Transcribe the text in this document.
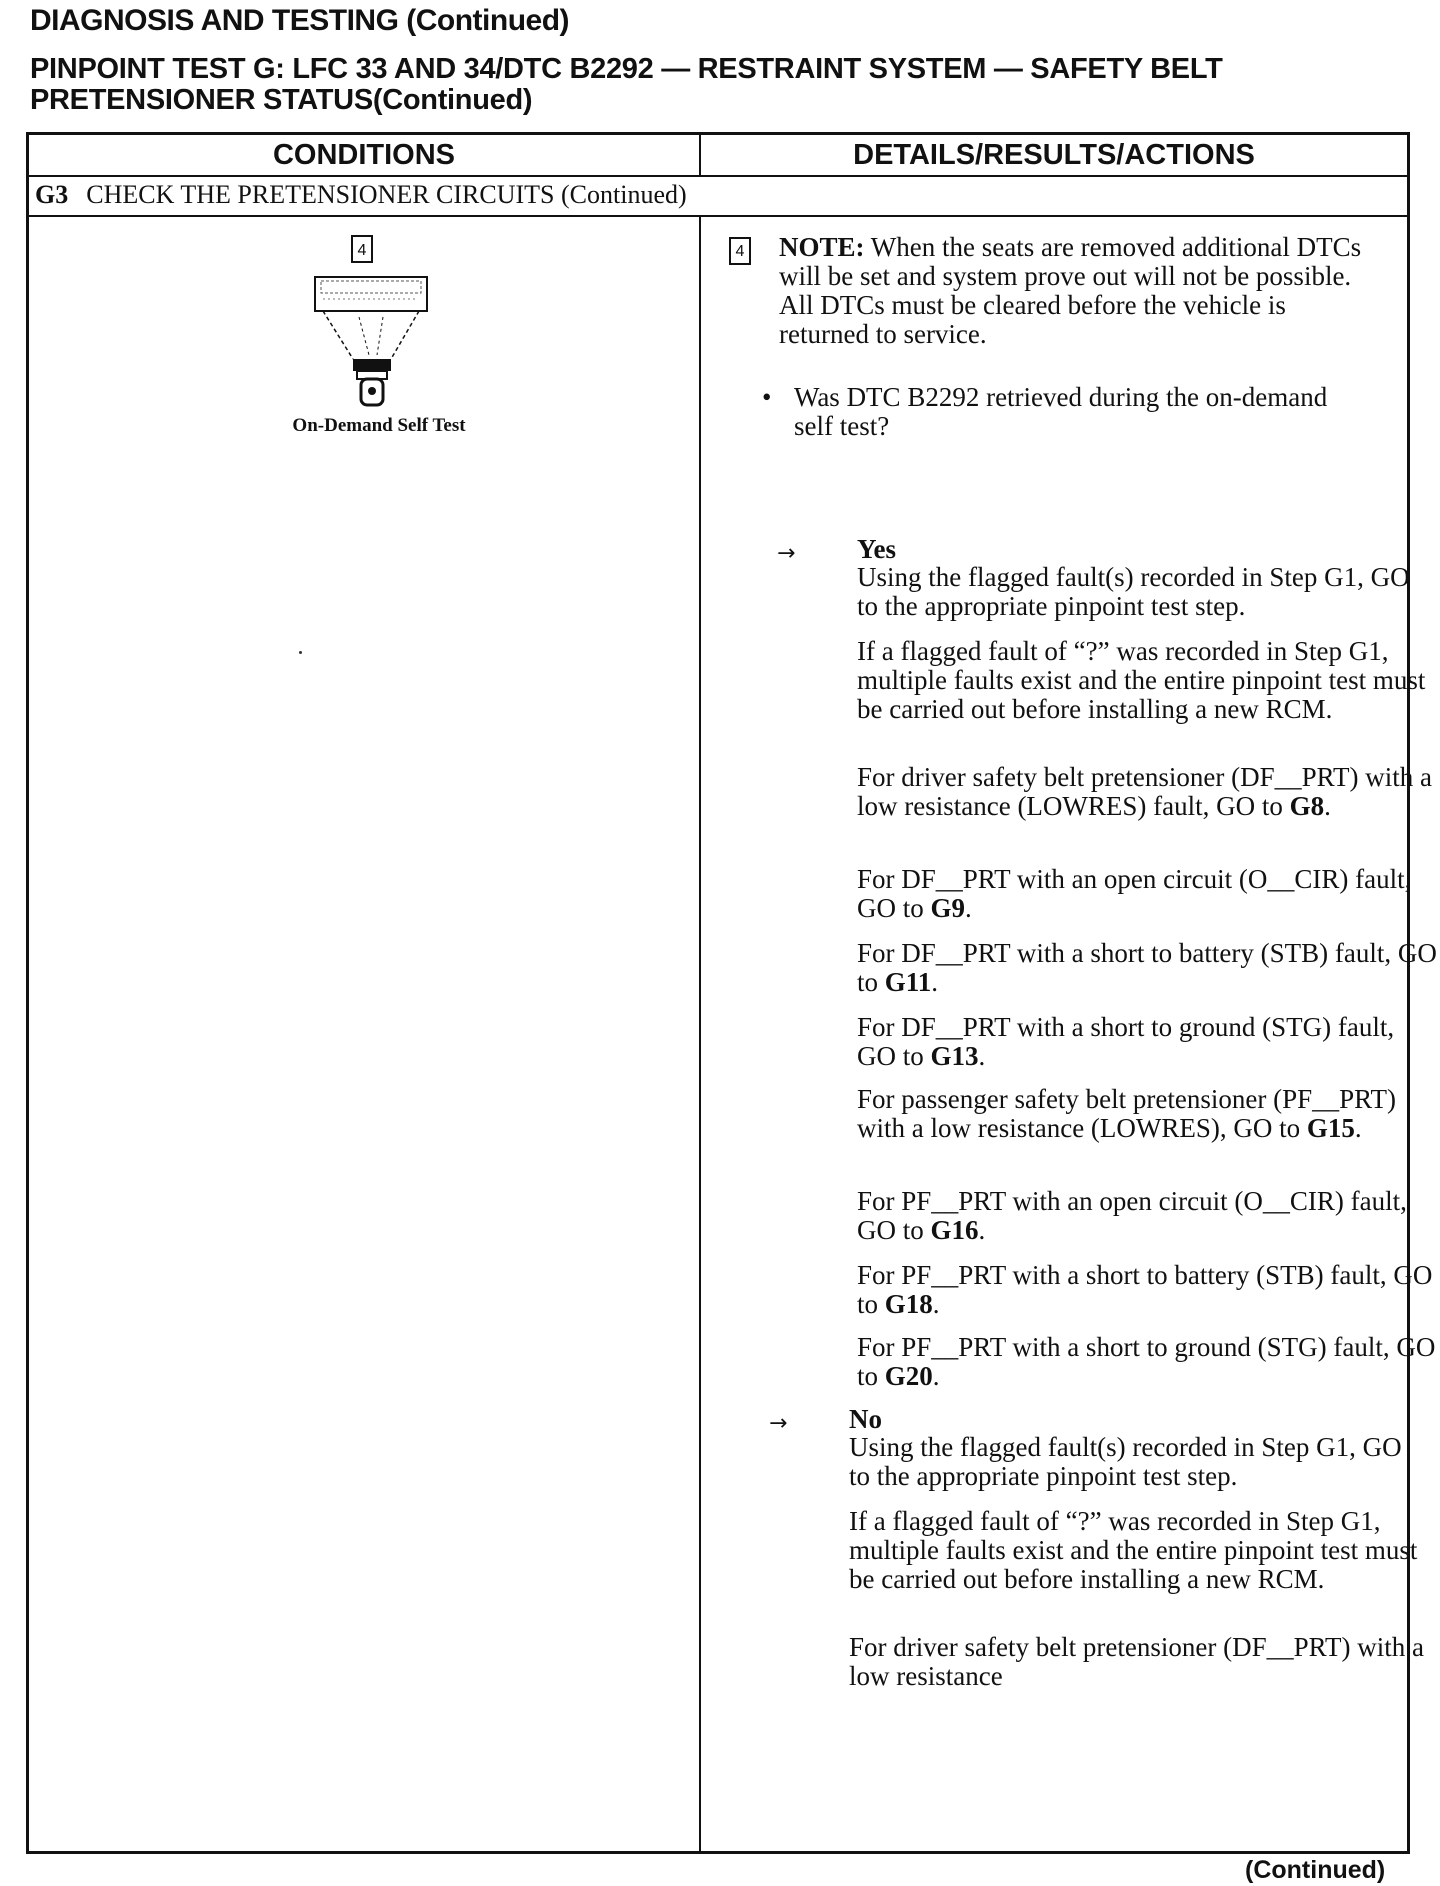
DIAGNOSIS AND TESTING (Continued)
PINPOINT TEST G: LFC 33 AND 34/DTC B2292 — RESTRAINT SYSTEM — SAFETY BELT PRETENSIONER STATUS(Continued)
CONDITIONS	DETAILS/RESULTS/ACTIONS
G3 CHECK THE PRETENSIONER CIRCUITS (Continued)
4
On-Demand Self Test
4 NOTE: When the seats are removed additional DTCs will be set and system prove out will not be possible. All DTCs must be cleared before the vehicle is returned to service.
• Was DTC B2292 retrieved during the on-demand self test?
→ Yes
Using the flagged fault(s) recorded in Step G1, GO to the appropriate pinpoint test step.
If a flagged fault of “?” was recorded in Step G1, multiple faults exist and the entire pinpoint test must be carried out before installing a new RCM.
For driver safety belt pretensioner (DF__PRT) with a low resistance (LOWRES) fault, GO to G8.
For DF__PRT with an open circuit (O__CIR) fault, GO to G9.
For DF__PRT with a short to battery (STB) fault, GO to G11.
For DF__PRT with a short to ground (STG) fault, GO to G13.
For passenger safety belt pretensioner (PF__PRT) with a low resistance (LOWRES), GO to G15.
For PF__PRT with an open circuit (O__CIR) fault, GO to G16.
For PF__PRT with a short to battery (STB) fault, GO to G18.
For PF__PRT with a short to ground (STG) fault, GO to G20.
→ No
Using the flagged fault(s) recorded in Step G1, GO to the appropriate pinpoint test step.
If a flagged fault of “?” was recorded in Step G1, multiple faults exist and the entire pinpoint test must be carried out before installing a new RCM.
For driver safety belt pretensioner (DF__PRT) with a low resistance
(Continued)
